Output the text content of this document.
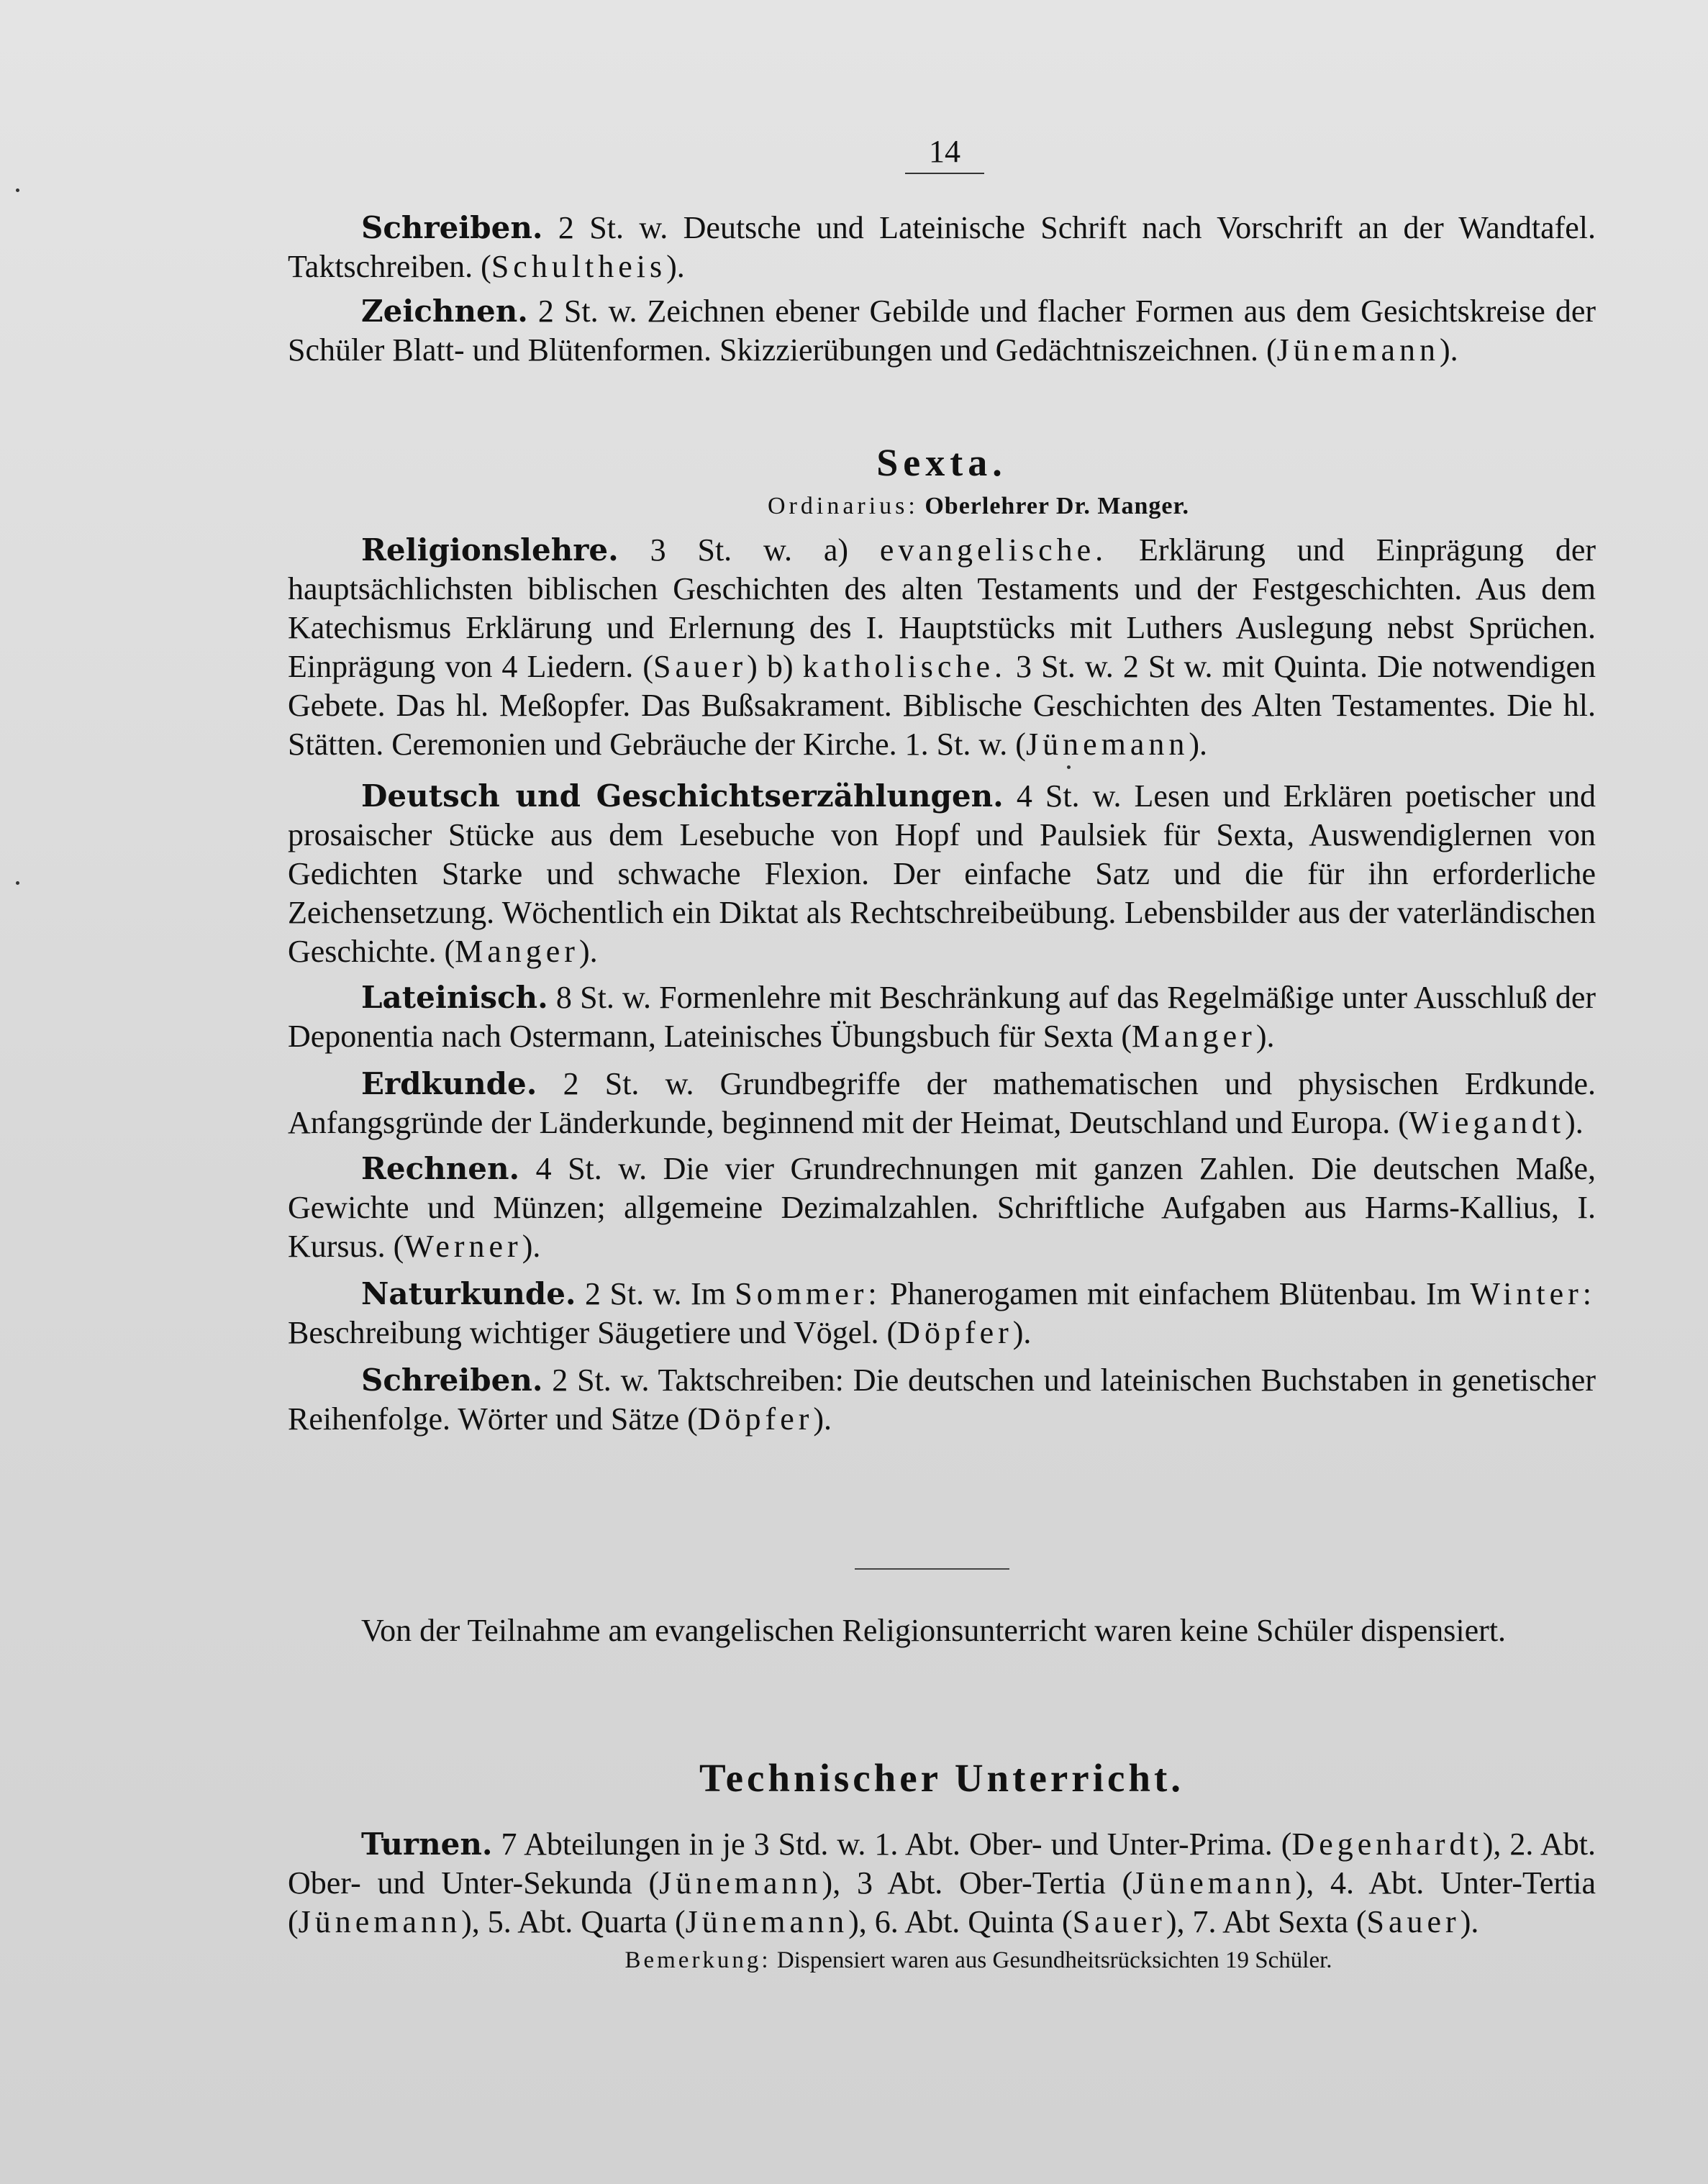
14

Schreiben. 2 St. w. Deutsche und Lateinische Schrift nach Vorschrift an der Wandtafel. Taktschreiben. (Schultheis).

Zeichnen. 2 St. w. Zeichnen ebener Gebilde und flacher Formen aus dem Gesichtskreise der Schüler Blatt- und Blütenformen. Skizzierübungen und Gedächtniszeichnen. (Jünemann).

Sexta.

Ordinarius: Oberlehrer Dr. Manger.

Religionslehre. 3 St. w. a) evangelische. Erklärung und Einprägung der hauptsächlichsten biblischen Geschichten des alten Testaments und der Festgeschichten. Aus dem Katechismus Erklärung und Erlernung des I. Hauptstücks mit Luthers Auslegung nebst Sprüchen. Einprägung von 4 Liedern. (Sauer) b) katholische. 3 St. w. 2 St w. mit Quinta. Die notwendigen Gebete. Das hl. Meßopfer. Das Bußsakrament. Biblische Geschichten des Alten Testamentes. Die hl. Stätten. Ceremonien und Gebräuche der Kirche. 1. St. w. (Jünemann).

Deutsch und Geschichtserzählungen. 4 St. w. Lesen und Erklären poetischer und prosaischer Stücke aus dem Lesebuche von Hopf und Paulsiek für Sexta, Auswendiglernen von Gedichten Starke und schwache Flexion. Der einfache Satz und die für ihn erforderliche Zeichensetzung. Wöchentlich ein Diktat als Rechtschreibeübung. Lebensbilder aus der vaterländischen Geschichte. (Manger).

Lateinisch. 8 St. w. Formenlehre mit Beschränkung auf das Regelmäßige unter Ausschluß der Deponentia nach Ostermann, Lateinisches Übungsbuch für Sexta (Manger).

Erdkunde. 2 St. w. Grundbegriffe der mathematischen und physischen Erdkunde. Anfangsgründe der Länderkunde, beginnend mit der Heimat, Deutschland und Europa. (Wiegandt).

Rechnen. 4 St. w. Die vier Grundrechnungen mit ganzen Zahlen. Die deutschen Maße, Gewichte und Münzen; allgemeine Dezimalzahlen. Schriftliche Aufgaben aus Harms-Kallius, I. Kursus. (Werner).

Naturkunde. 2 St. w. Im Sommer: Phanerogamen mit einfachem Blütenbau. Im Winter: Beschreibung wichtiger Säugetiere und Vögel. (Döpfer).

Schreiben. 2 St. w. Taktschreiben: Die deutschen und lateinischen Buchstaben in genetischer Reihenfolge. Wörter und Sätze (Döpfer).

Von der Teilnahme am evangelischen Religionsunterricht waren keine Schüler dispensiert.

Technischer Unterricht.

Turnen. 7 Abteilungen in je 3 Std. w. 1. Abt. Ober- und Unter-Prima. (Degenhardt), 2. Abt. Ober- und Unter-Sekunda (Jünemann), 3 Abt. Ober-Tertia (Jünemann), 4. Abt. Unter-Tertia (Jünemann), 5. Abt. Quarta (Jünemann), 6. Abt. Quinta (Sauer), 7. Abt Sexta (Sauer).

Bemerkung: Dispensiert waren aus Gesundheitsrücksichten 19 Schüler.
